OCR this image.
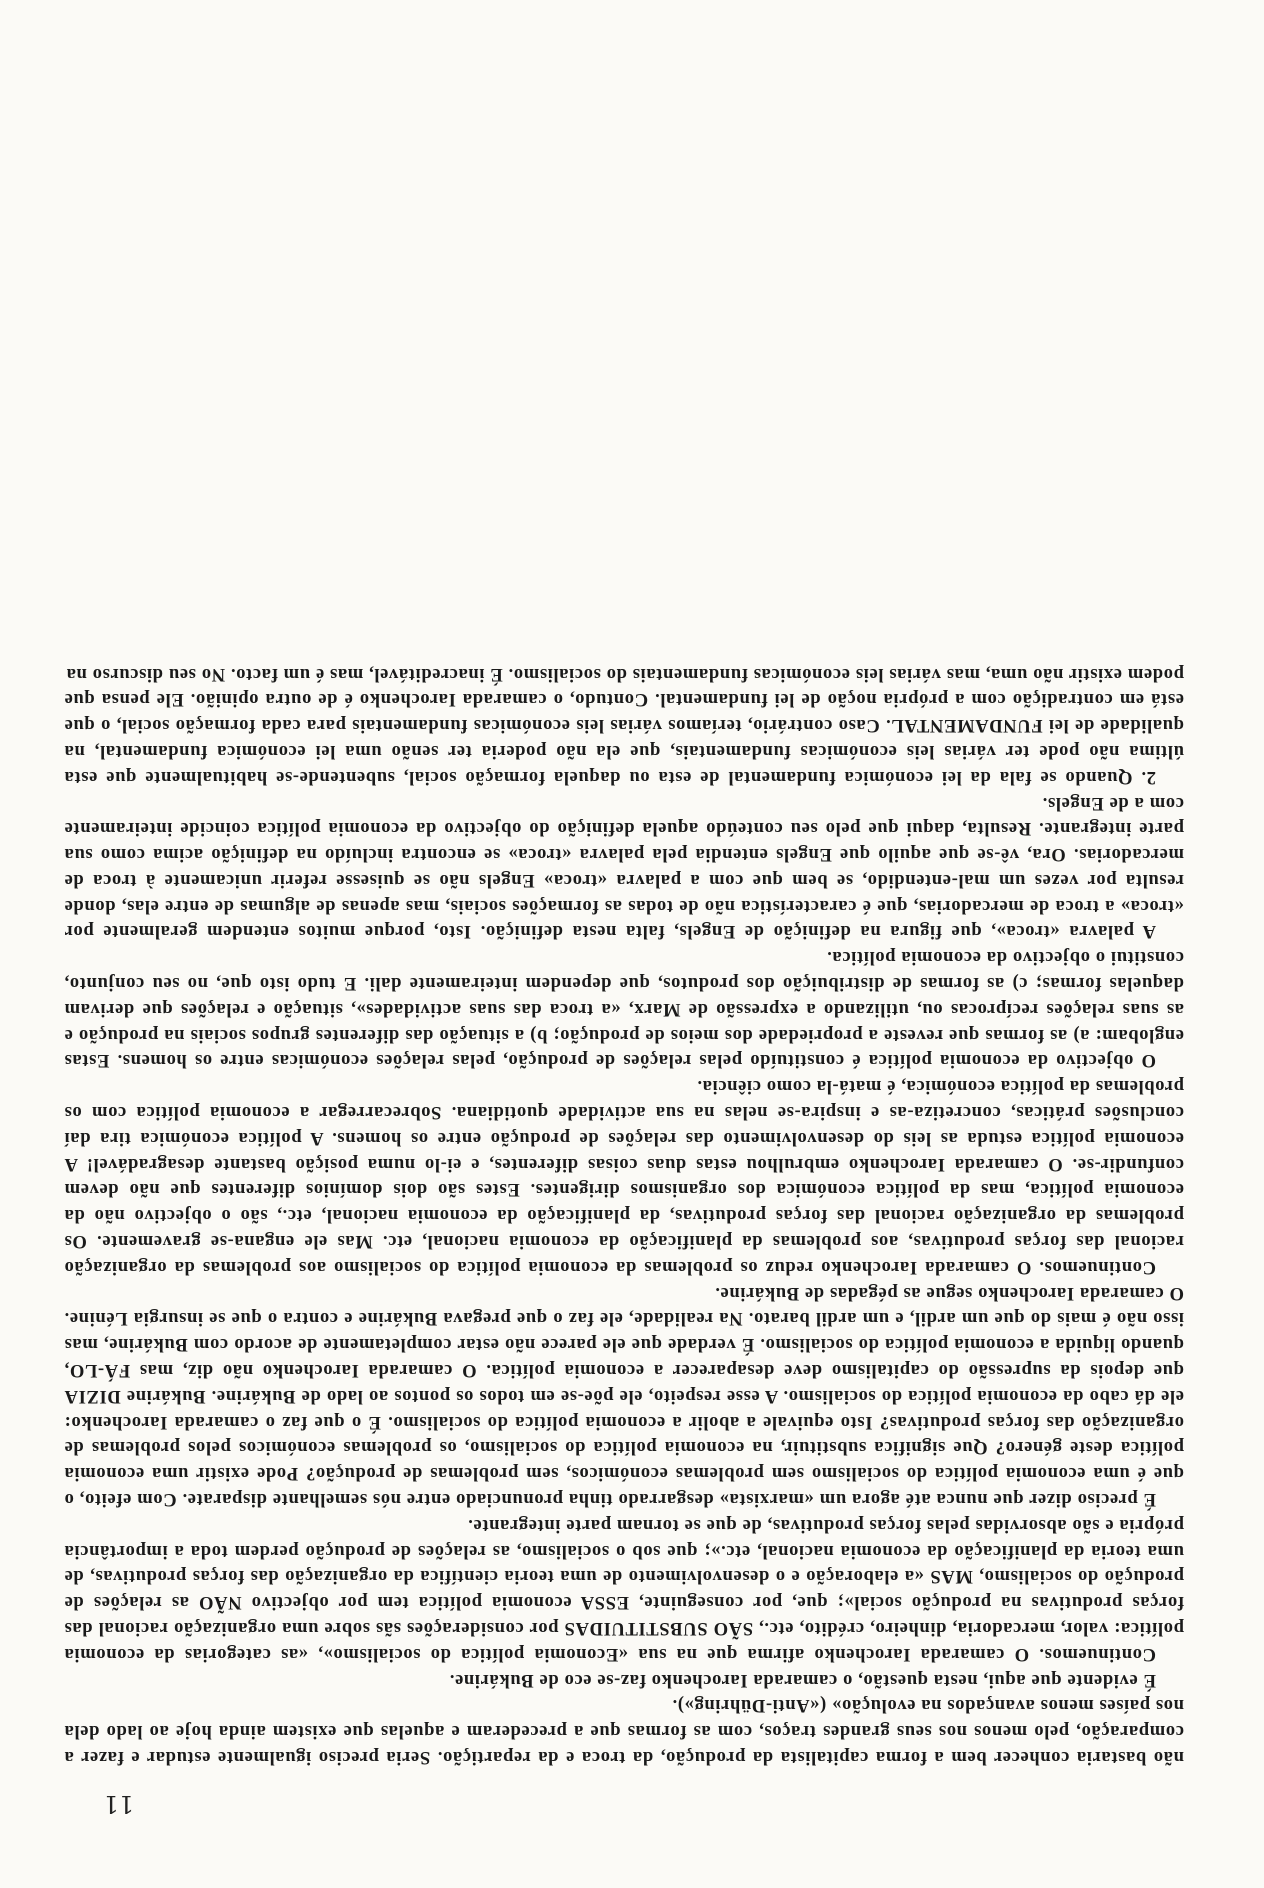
11

não bastaria conhecer bem a forma capitalista da produção, da troca e da repartição. Seria preciso igualmente estudar e fazer a comparação, pelo menos nos seus grandes traços, com as formas que a precederam e aquelas que existem ainda hoje ao lado dela nos países menos avançados na evolução» («Anti-Dühring»).

É evidente que aqui, nesta questão, o camarada Iarochenko faz-se eco de Bukárine.

Continuemos. O camarada Iarochenko afirma que na sua «Economia política do socialismo», «as categorias da economia política: valor, mercadoria, dinheiro, crédito, etc., SÃO SUBSTITUIDAS por considerações sãs sobre uma organização racional das forças produtivas na produção social»; que, por conseguinte, ESSA economia política tem por objectivo NÃO as relações de produção do socialismo, MAS «a elaboração e o desenvolvimento de uma teoria científica da organização das forças produtivas, de uma teoria da planificação da economia nacional, etc.»; que sob o socialismo, as relações de produção perdem toda a importância própria e são absorvidas pelas forças produtivas, de que se tornam parte integrante.

É preciso dizer que nunca até agora um «marxista» desgarrado tinha pronunciado entre nós semelhante disparate. Com efeito, o que é uma economia política do socialismo sem problemas económicos, sem problemas de produção? Pode existir uma economia política deste género? Que significa substituir, na economia política do socialismo, os problemas económicos pelos problemas de organização das forças produtivas? Isto equivale a abolir a economia política do socialismo. É o que faz o camarada Iarochenko: ele dá cabo da economia política do socialismo. A esse respeito, ele põe-se em todos os pontos ao lado de Bukárine. Bukárine DIZIA que depois da supressão do capitalismo deve desaparecer a economia política. O camarada Iarochenko não diz, mas FÁ-LO, quando liquida a economia política do socialismo. É verdade que ele parece não estar completamente de acordo com Bukárine, mas isso não é mais do que um ardil, e um ardil barato. Na realidade, ele faz o que pregava Bukárine e contra o que se insurgia Lénine. O camarada Iarochenko segue as pégadas de Bukárine.

Continuemos. O camarada Iarochenko reduz os problemas da economia política do socialismo aos problemas da organização racional das forças produtivas, aos problemas da planificação da economia nacional, etc. Mas ele engana-se gravemente. Os problemas da organização racional das forças produtivas, da planificação da economia nacional, etc., são o objectivo não da economia política, mas da política económica dos organismos dirigentes. Estes são dois domínios diferentes que não devem confundir-se. O camarada Iarochenko embrulhou estas duas coisas diferentes, e ei-lo numa posição bastante desagradável! A economia política estuda as leis do desenvolvimento das relações de produção entre os homens. A política económica tira daí conclusões práticas, concretiza-as e inspira-se nelas na sua actividade quotidiana. Sobrecarregar a economia política com os problemas da política económica, é matá-la como ciência.

O objectivo da economia política é constituído pelas relações de produção, pelas relações económicas entre os homens. Estas englobam: a) as formas que reveste a propriedade dos meios de produção; b) a situação das diferentes grupos sociais na produção e as suas relações recíprocas ou, utilizando a expressão de Marx, «a troca das suas actividades», situação e relações que derivam daquelas formas; c) as formas de distribuição dos produtos, que dependem inteiramente dali. E tudo isto que, no seu conjunto, constitui o objectivo da economia política.

A palavra «troca», que figura na definição de Engels, falta nesta definição. Isto, porque muitos entendem geralmente por «troca» a troca de mercadorias, que é característica não de todas as formações sociais, mas apenas de algumas de entre elas, donde resulta por vezes um mal-entendido, se bem que com a palavra «troca» Engels não se quisesse referir unicamente à troca de mercadorias. Ora, vê-se que aquilo que Engels entendia pela palavra «troca» se encontra incluído na definição acima como sua parte integrante. Resulta, daqui que pelo seu conteúdo aquela definição do objectivo da economia política coincide inteiramente com a de Engels.

2. Quando se fala da lei económica fundamental de esta ou daquela formação social, subentende-se habitualmente que esta última não pode ter várias leis económicas fundamentais, que ela não poderia ter senão uma lei económica fundamental, na qualidade de lei FUNDAMENTAL. Caso contrário, teríamos várias leis económicas fundamentais para cada formação social, o que está em contradição com a própria noção de lei fundamental. Contudo, o camarada Iarochenko é de outra opinião. Ele pensa que podem existir não uma, mas várias leis económicas fundamentais do socialismo. É inacreditável, mas é um facto. No seu discurso na
